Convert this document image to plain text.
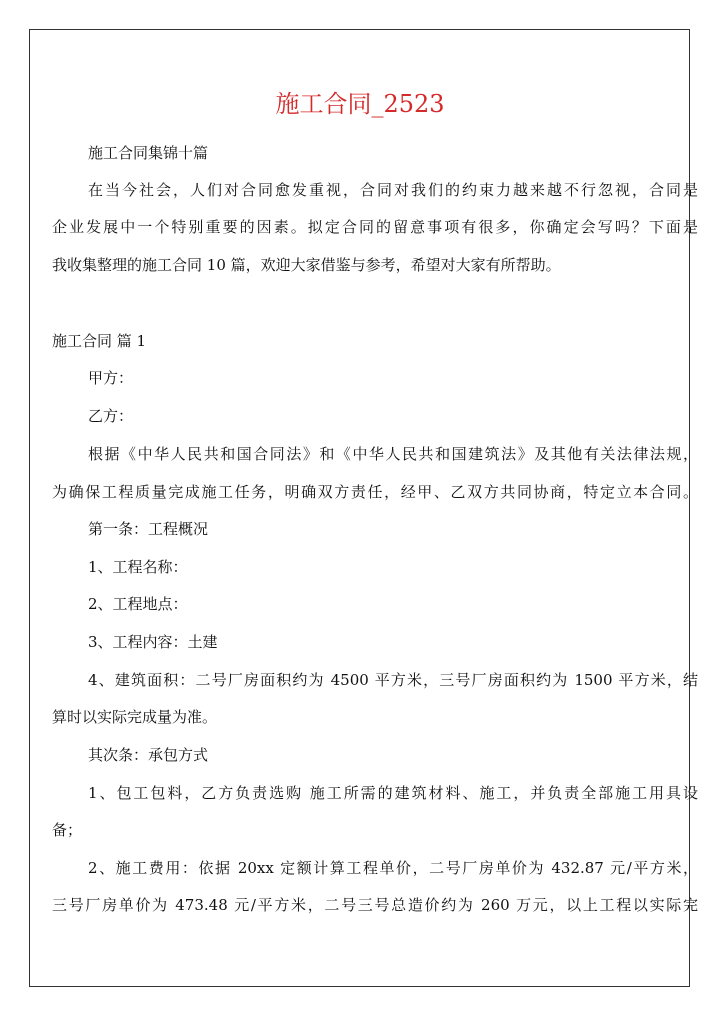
施工合同_2523
施工合同集锦十篇
在当今社会，人们对合同愈发重视，合同对我们的约束力越来越不行忽视，合同是
企业发展中一个特别重要的因素。拟定合同的留意事项有很多，你确定会写吗？下面是
我收集整理的施工合同 10 篇，欢迎大家借鉴与参考，希望对大家有所帮助。
施工合同 篇 1
甲方：
乙方：
根据《中华人民共和国合同法》和《中华人民共和国建筑法》及其他有关法律法规，
为确保工程质量完成施工任务，明确双方责任，经甲、乙双方共同协商，特定立本合同。
第一条：工程概况
1、工程名称：
2、工程地点：
3、工程内容：土建
4、建筑面积：二号厂房面积约为 4500 平方米，三号厂房面积约为 1500 平方米，结
算时以实际完成量为准。
其次条：承包方式
1、包工包料，乙方负责选购 施工所需的建筑材料、施工，并负责全部施工用具设
备；
2、施工费用：依据 20xx 定额计算工程单价，二号厂房单价为 432.87 元/平方米，
三号厂房单价为 473.48 元/平方米，二号三号总造价约为 260 万元，以上工程以实际完
